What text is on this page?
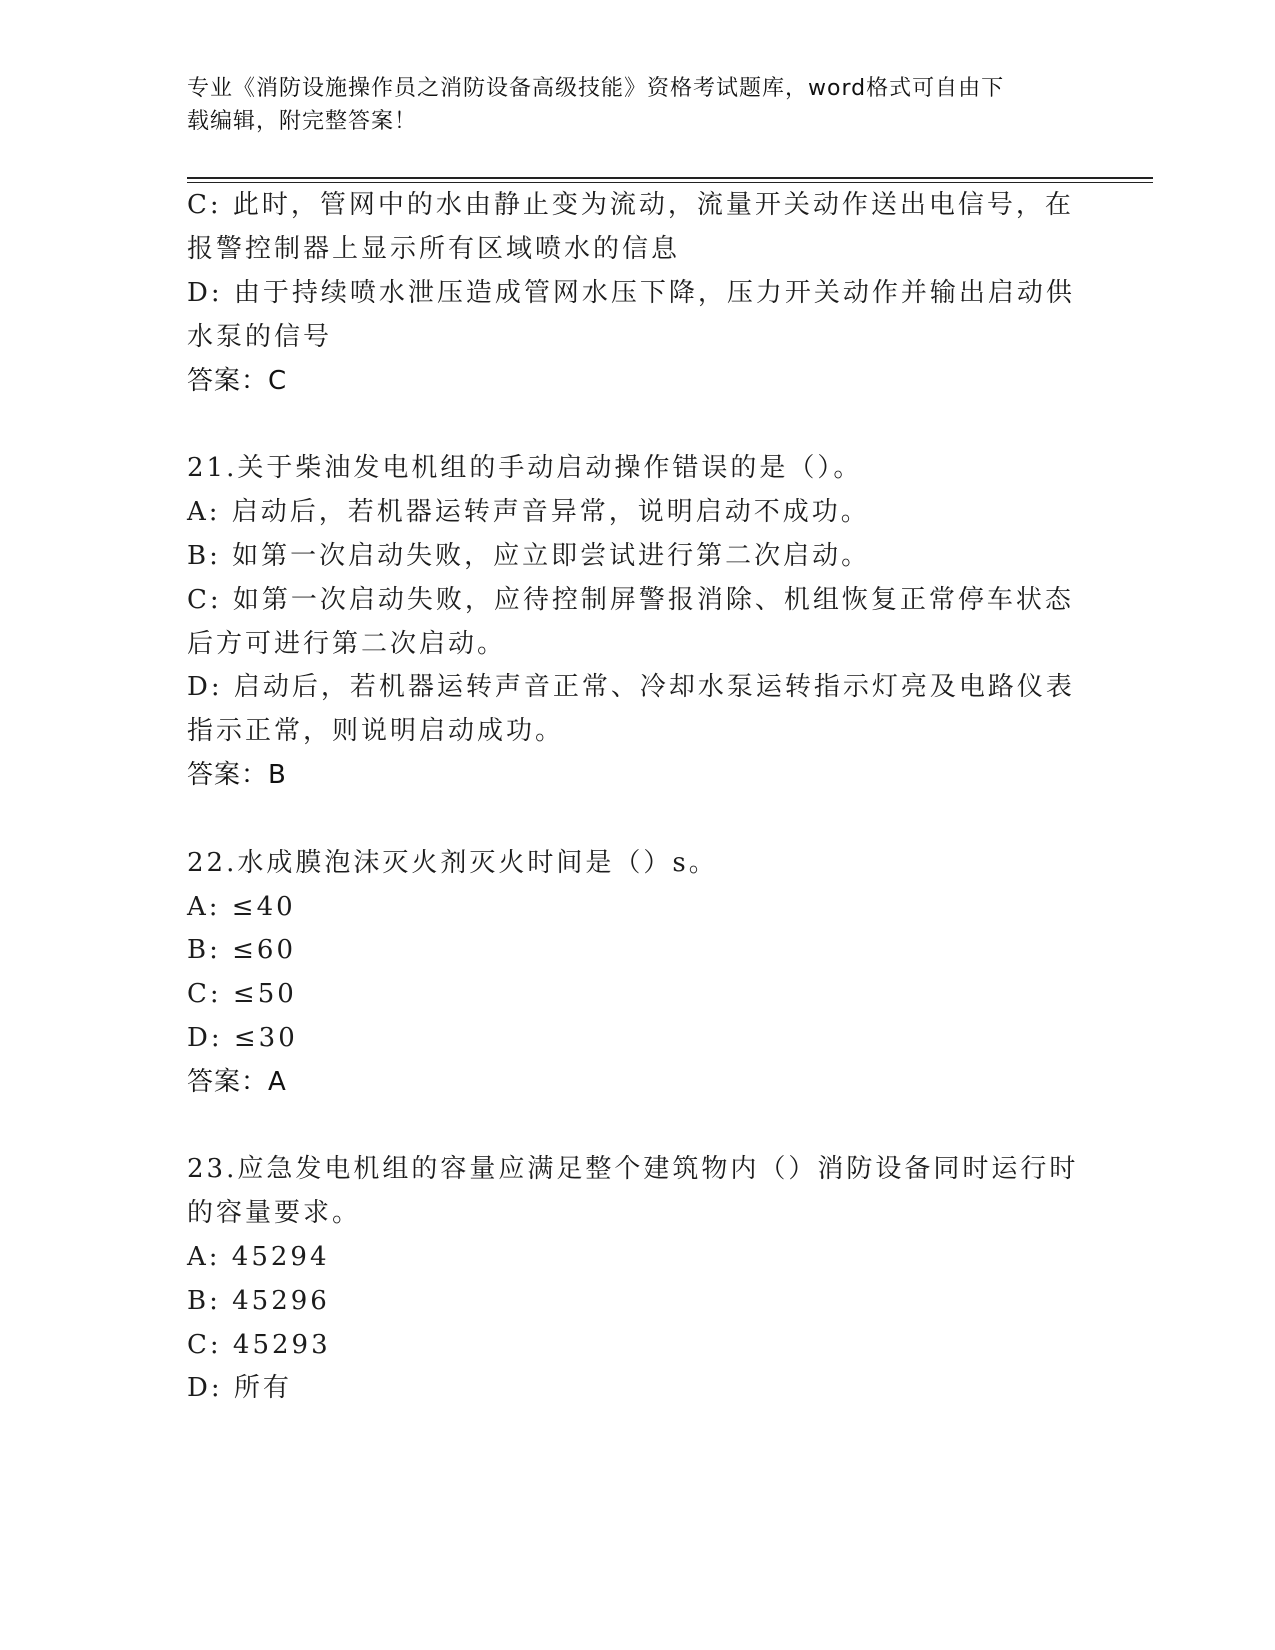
专业《消防设施操作员之消防设备高级技能》资格考试题库，word格式可自由下
载编辑，附完整答案！
C: 此时，管网中的水由静止变为流动，流量开关动作送出电信号，在
报警控制器上显示所有区域喷水的信息
D: 由于持续喷水泄压造成管网水压下降，压力开关动作并输出启动供
水泵的信号
答案：C
21.关于柴油发电机组的手动启动操作错误的是（）。
A: 启动后，若机器运转声音异常，说明启动不成功。
B: 如第一次启动失败，应立即尝试进行第二次启动。
C: 如第一次启动失败，应待控制屏警报消除、机组恢复正常停车状态
后方可进行第二次启动。
D: 启动后，若机器运转声音正常、冷却水泵运转指示灯亮及电路仪表
指示正常，则说明启动成功。
答案：B
22.水成膜泡沫灭火剂灭火时间是（）s。
A: ≤40
B: ≤60
C: ≤50
D: ≤30
答案：A
23.应急发电机组的容量应满足整个建筑物内（）消防设备同时运行时
的容量要求。
A: 45294
B: 45296
C: 45293
D: 所有
